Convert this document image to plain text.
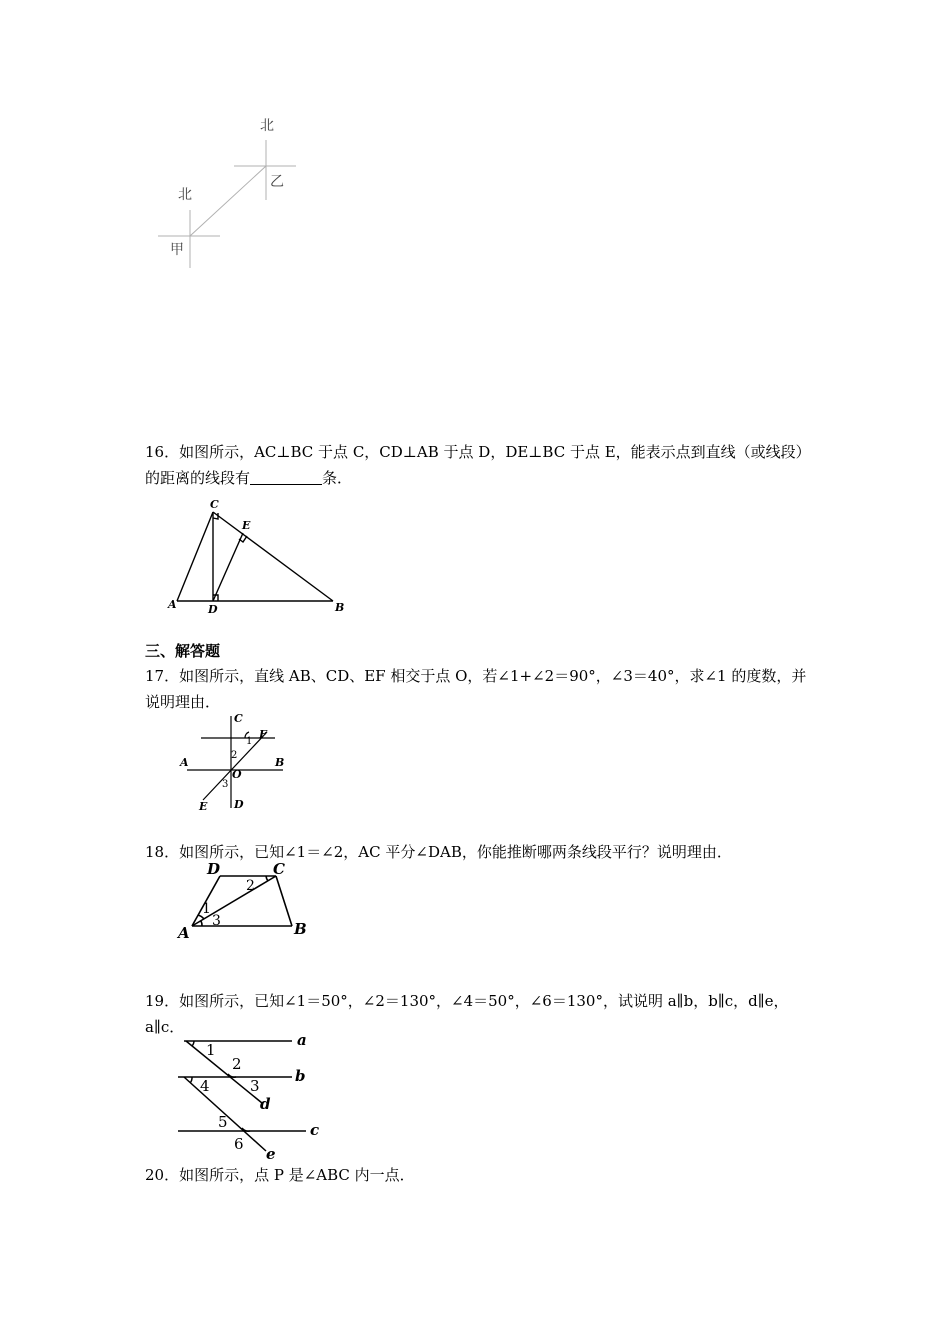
北
北
甲
乙
16．如图所示，AC⊥BC 于点 C，CD⊥AB 于点 D，DE⊥BC 于点 E，能表示点到直线（或线段）的距离的线段有	条．
A	B
C
D
E
三、解答题
17．如图所示，直线 AB、CD、EF 相交于点 O，若∠1+∠2＝90°，∠3＝40°，求∠1 的度数，并说明理由．
C
F
1
2
A	B
O
3
E D
18．如图所示，已知∠1＝∠2，AC 平分∠DAB，你能推断哪两条线段平行？说明理由．
D	C
2
1
3
A	B
19．如图所示，已知∠1＝50°，∠2＝130°，∠4＝50°，∠6＝130°，试说明 a∥b，b∥c，d∥e，a∥c．
1
2
4	3
d
5
6
e
a
b
c
20．如图所示，点 P 是∠ABC 内一点．
